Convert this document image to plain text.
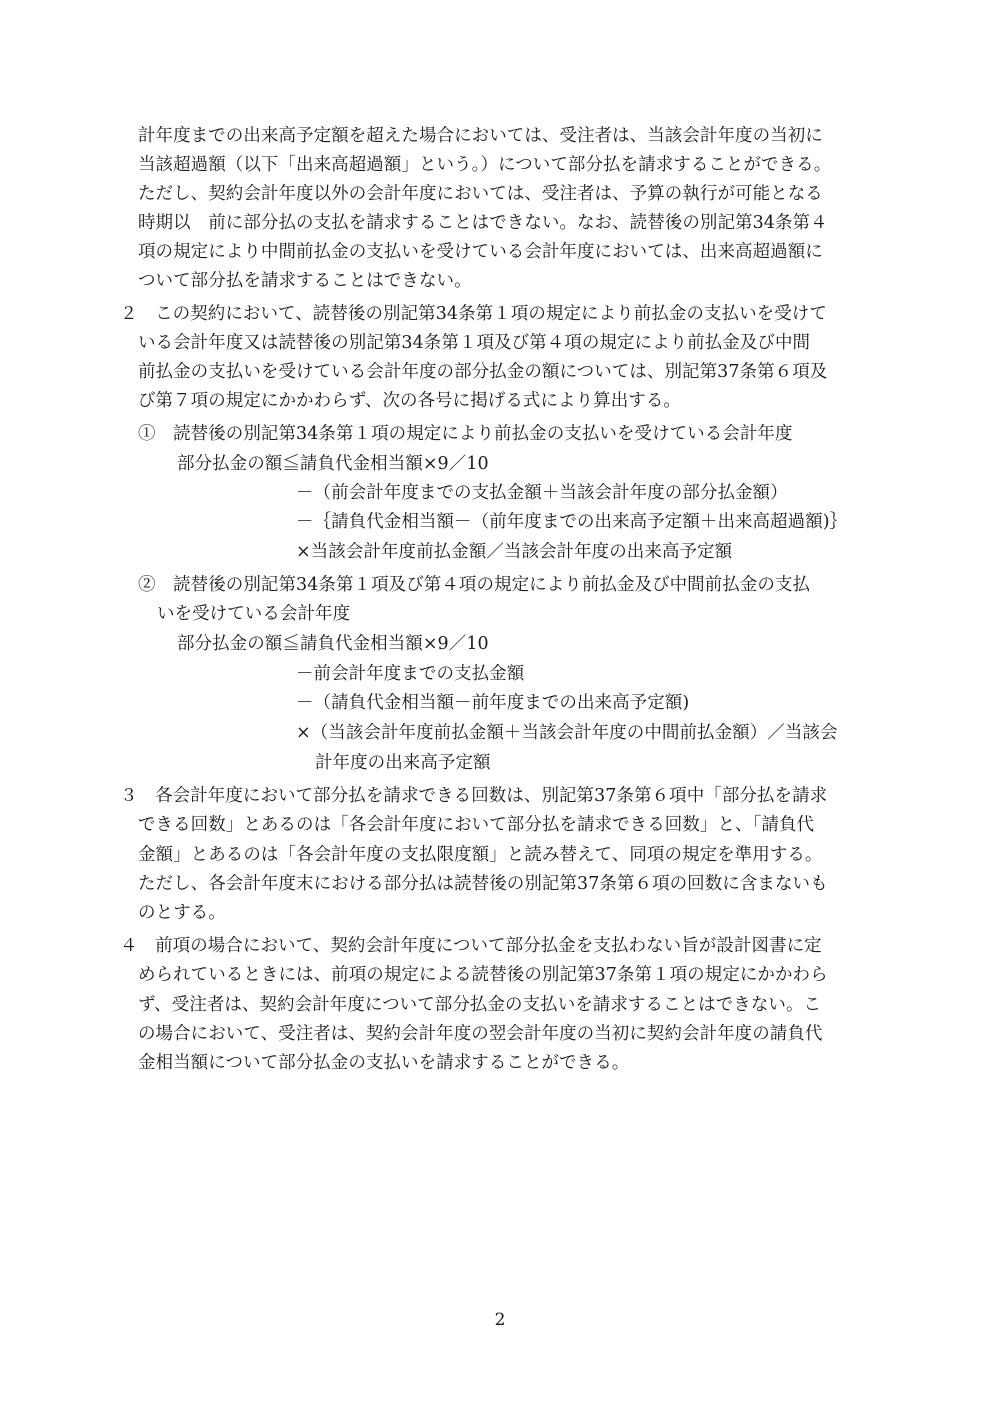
計年度までの出来高予定額を超えた場合においては、受注者は、当該会計年度の当初に
当該超過額（以下「出来高超過額」という。）について部分払を請求することができる。
ただし、契約会計年度以外の会計年度においては、受注者は、予算の執行が可能となる
時期以　前に部分払の支払を請求することはできない。なお、読替後の別記第34条第４
項の規定により中間前払金の支払いを受けている会計年度においては、出来高超過額に
ついて部分払を請求することはできない。
２　この契約において、読替後の別記第34条第１項の規定により前払金の支払いを受けて
いる会計年度又は読替後の別記第34条第１項及び第４項の規定により前払金及び中間
前払金の支払いを受けている会計年度の部分払金の額については、別記第37条第６項及
び第７項の規定にかかわらず、次の各号に掲げる式により算出する。
①　読替後の別記第34条第１項の規定により前払金の支払いを受けている会計年度
部分払金の額≦請負代金相当額×9／10
－（前会計年度までの支払金額＋当該会計年度の部分払金額）
－｛請負代金相当額－（前年度までの出来高予定額＋出来高超過額)｝
×当該会計年度前払金額／当該会計年度の出来高予定額
②　読替後の別記第34条第１項及び第４項の規定により前払金及び中間前払金の支払
いを受けている会計年度
部分払金の額≦請負代金相当額×9／10
－前会計年度までの支払金額
－（請負代金相当額－前年度までの出来高予定額)
×（当該会計年度前払金額＋当該会計年度の中間前払金額）／当該会
計年度の出来高予定額
３　各会計年度において部分払を請求できる回数は、別記第37条第６項中「部分払を請求
できる回数」とあるのは「各会計年度において部分払を請求できる回数」と、「請負代
金額」とあるのは「各会計年度の支払限度額」と読み替えて、同項の規定を準用する。
ただし、各会計年度末における部分払は読替後の別記第37条第６項の回数に含まないも
のとする。
４　前項の場合において、契約会計年度について部分払金を支払わない旨が設計図書に定
められているときには、前項の規定による読替後の別記第37条第１項の規定にかかわら
ず、受注者は、契約会計年度について部分払金の支払いを請求することはできない。こ
の場合において、受注者は、契約会計年度の翌会計年度の当初に契約会計年度の請負代
金相当額について部分払金の支払いを請求することができる。
2
